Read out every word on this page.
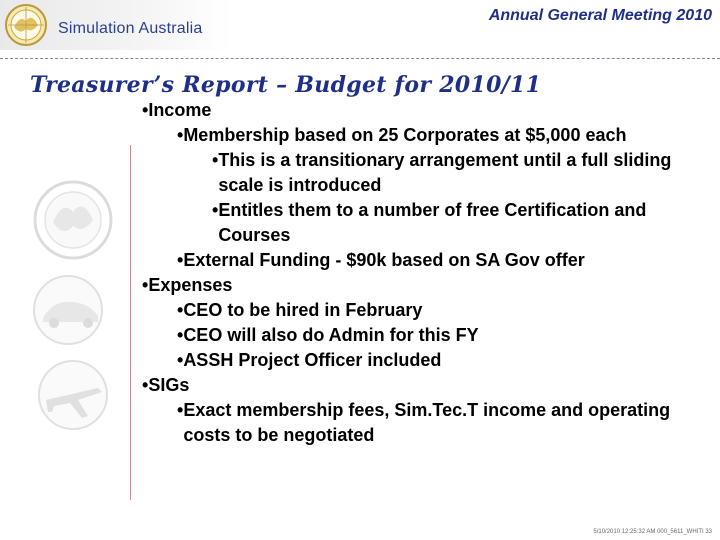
Simulation Australia
Annual General Meeting 2010
Treasurer’s Report – Budget for 2010/11
• Income
• Membership based on 25 Corporates at $5,000 each
• This is a transitionary arrangement until a full sliding scale is introduced
• Entitles them to a number of free Certification and Courses
• External Funding - $90k based on SA Gov offer
• Expenses
• CEO to be hired in February
• CEO will also do Admin for this FY
• ASSH Project Officer included
• SIGs
• Exact membership fees, Sim.Tec.T income and operating costs to be negotiated
5/10/2010 12:25:32 AM 000_5611_WHITI 33
